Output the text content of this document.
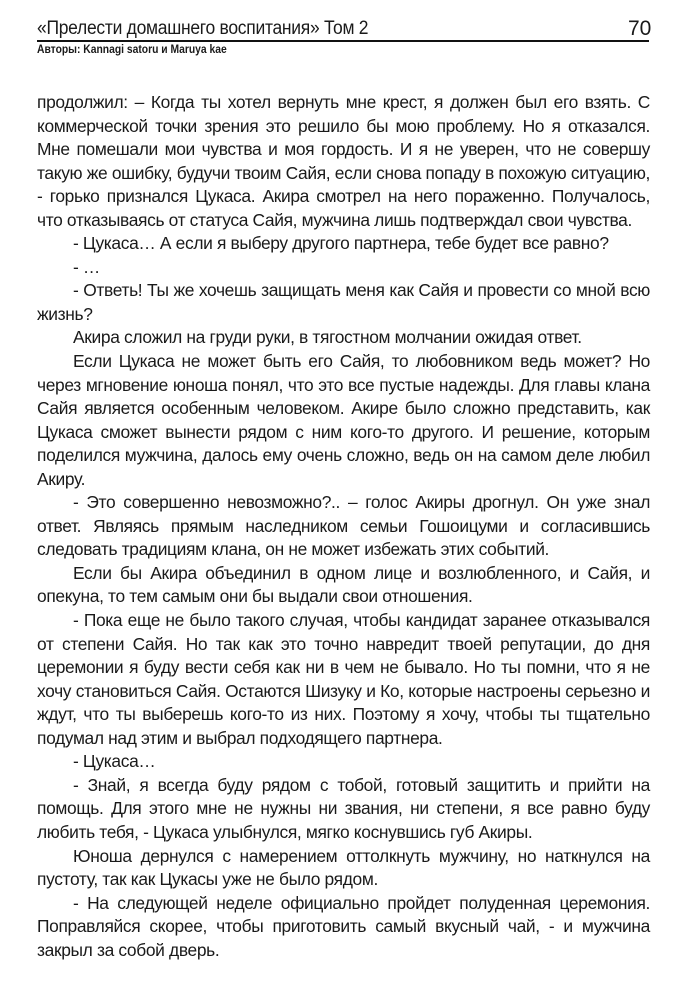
«Прелести домашнего воспитания» Том 2	70
Авторы: Kannagi satoru и Maruya kae

продолжил: – Когда ты хотел вернуть мне крест, я должен был его взять. С коммерческой точки зрения это решило бы мою проблему. Но я отказался. Мне помешали мои чувства и моя гордость. И я не уверен, что не совершу такую же ошибку, будучи твоим Сайя, если снова попаду в похожую ситуацию, - горько признался Цукаса. Акира смотрел на него пораженно. Получалось, что отказываясь от статуса Сайя, мужчина лишь подтверждал свои чувства.

- Цукаса… А если я выберу другого партнера, тебе будет все равно?

- …

- Ответь! Ты же хочешь защищать меня как Сайя и провести со мной всю жизнь?

Акира сложил на груди руки, в тягостном молчании ожидая ответ.

Если Цукаса не может быть его Сайя, то любовником ведь может? Но через мгновение юноша понял, что это все пустые надежды. Для главы клана Сайя является особенным человеком. Акире было сложно представить, как Цукаса сможет вынести рядом с ним кого-то другого. И решение, которым поделился мужчина, далось ему очень сложно, ведь он на самом деле любил Акиру.

- Это совершенно невозможно?.. – голос Акиры дрогнул. Он уже знал ответ. Являясь прямым наследником семьи Гошоицуми и согласившись следовать традициям клана, он не может избежать этих событий.

Если бы Акира объединил в одном лице и возлюбленного, и Сайя, и опекуна, то тем самым они бы выдали свои отношения.

- Пока еще не было такого случая, чтобы кандидат заранее отказывался от степени Сайя. Но так как это точно навредит твоей репутации, до дня церемонии я буду вести себя как ни в чем не бывало. Но ты помни, что я не хочу становиться Сайя. Остаются Шизуку и Ко, которые настроены серьезно и ждут, что ты выберешь кого-то из них. Поэтому я хочу, чтобы ты тщательно подумал над этим и выбрал подходящего партнера.

- Цукаса…

- Знай, я всегда буду рядом с тобой, готовый защитить и прийти на помощь. Для этого мне не нужны ни звания, ни степени, я все равно буду любить тебя, - Цукаса улыбнулся, мягко коснувшись губ Акиры.

Юноша дернулся с намерением оттолкнуть мужчину, но наткнулся на пустоту, так как Цукасы уже не было рядом.

- На следующей неделе официально пройдет полуденная церемония. Поправляйся скорее, чтобы приготовить самый вкусный чай, - и мужчина закрыл за собой дверь.
